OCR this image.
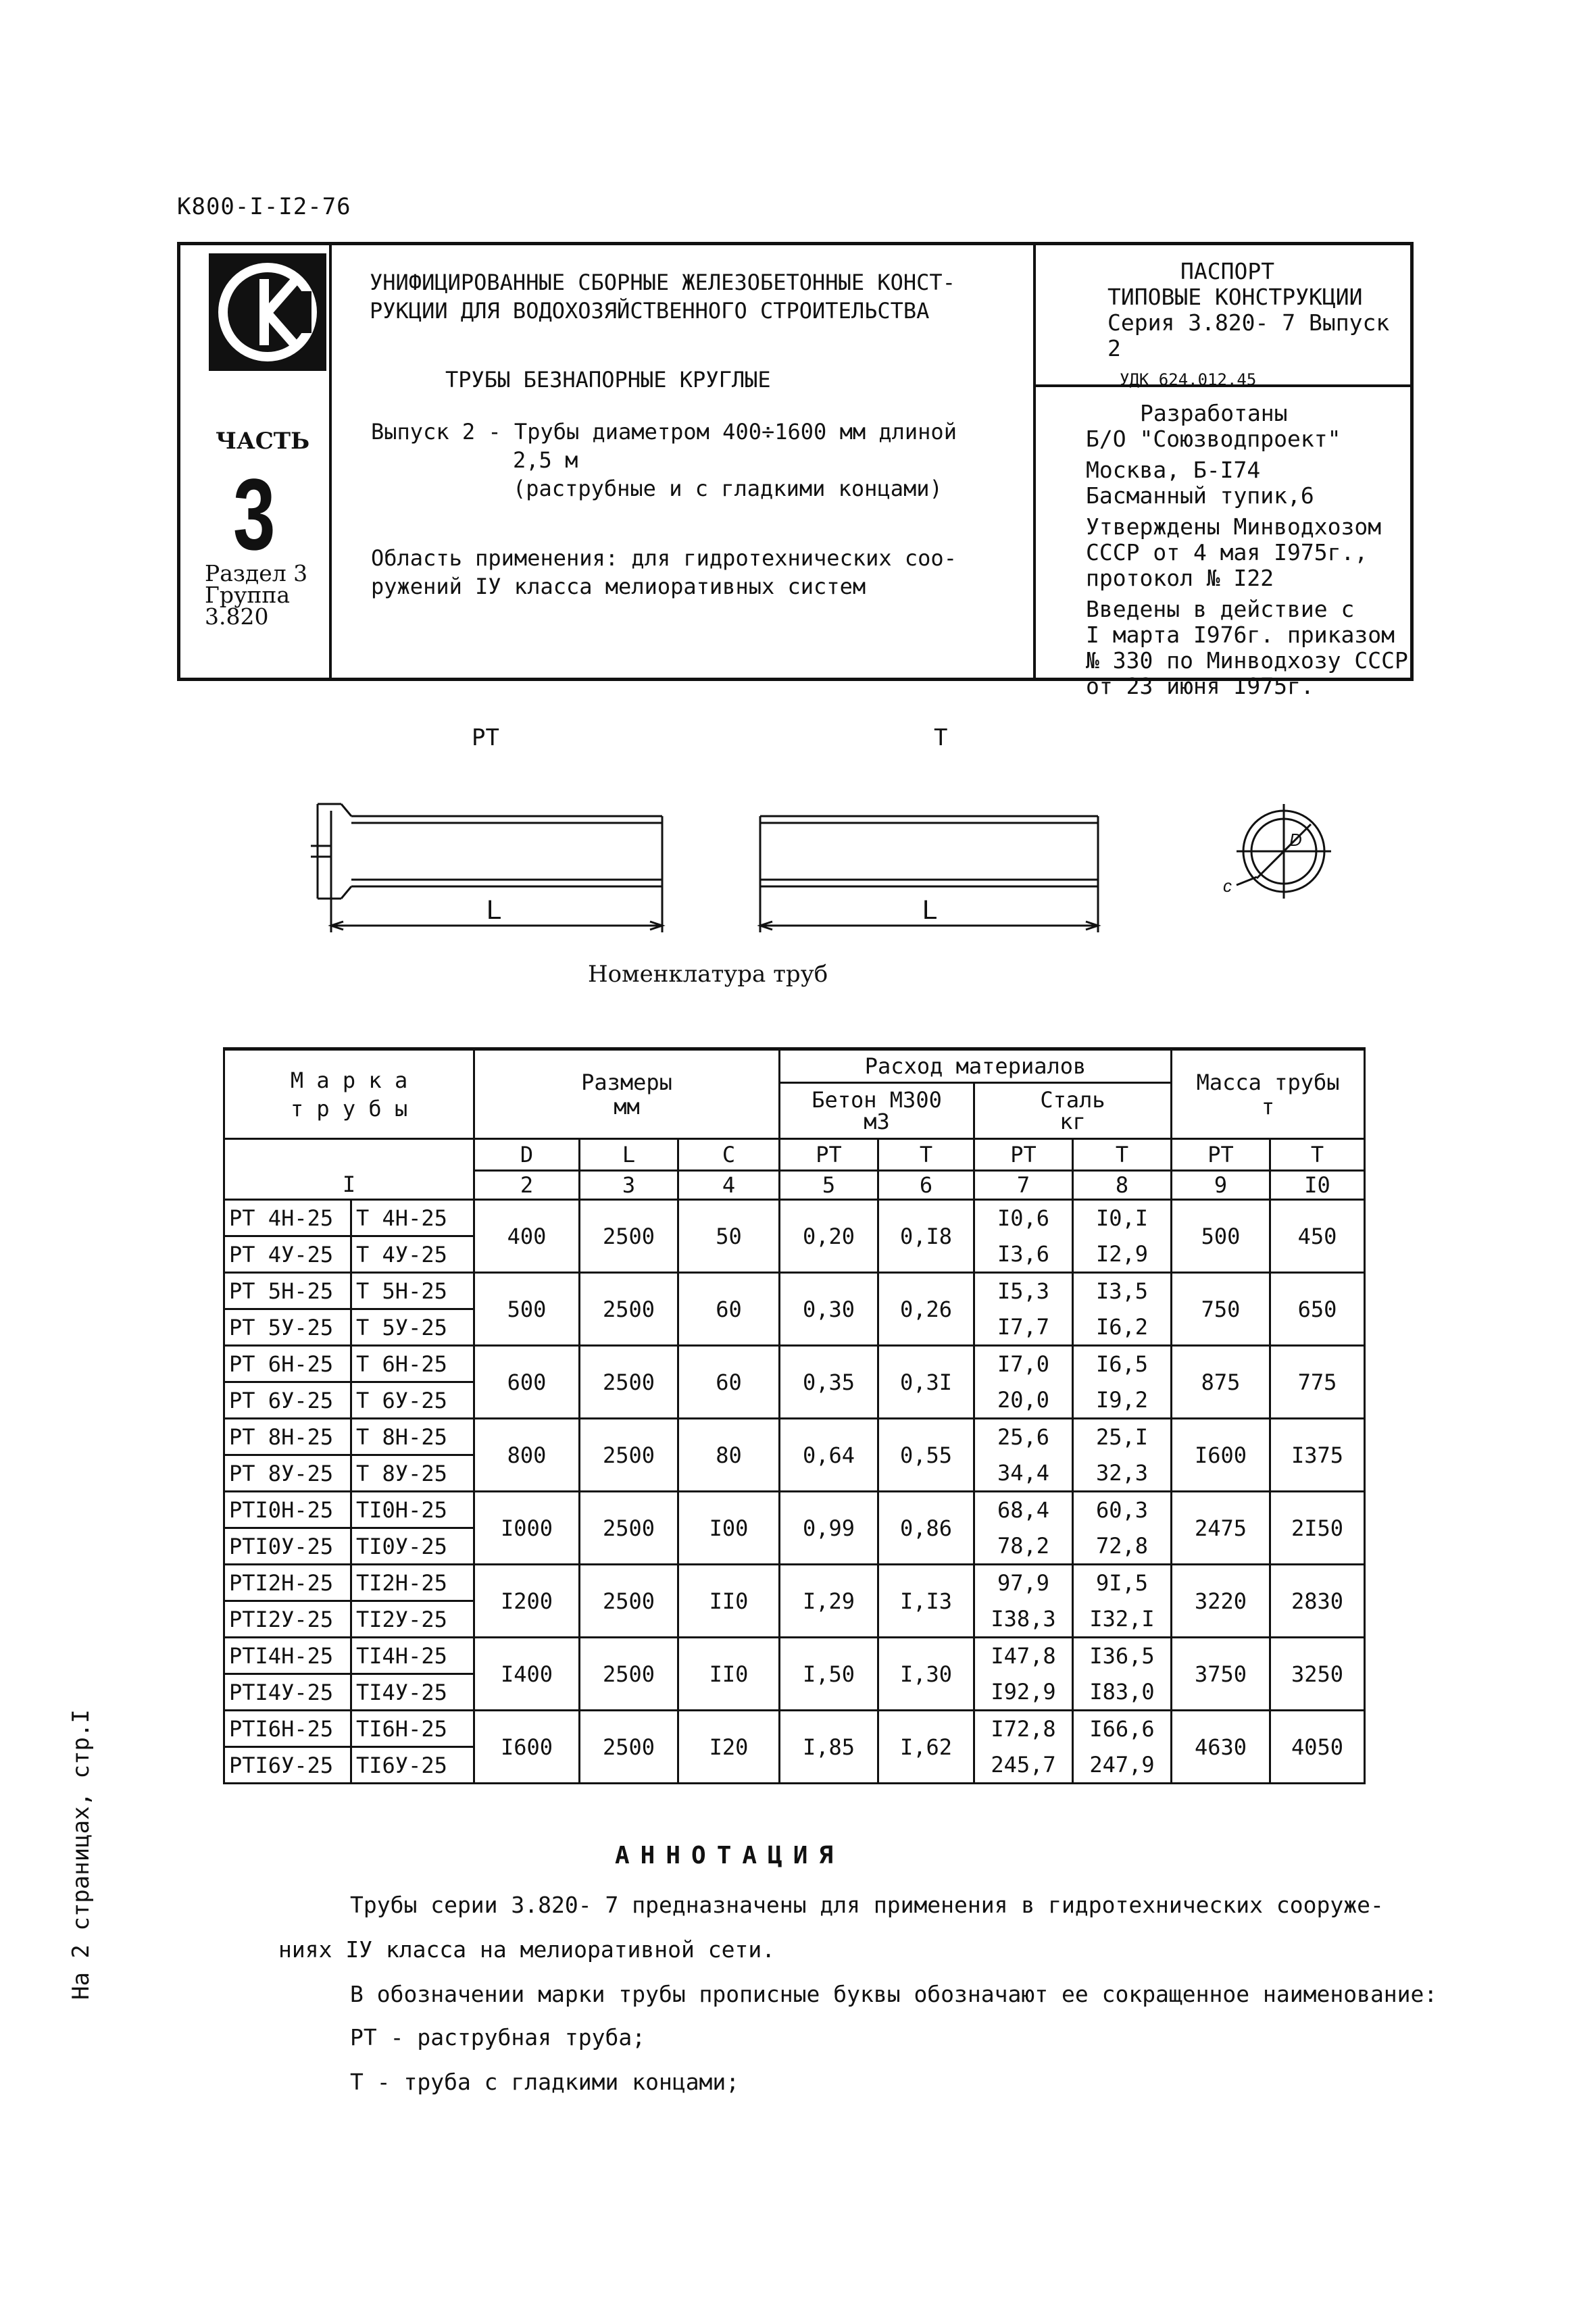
К800-I-I2-76
ЧАСТЬ
3
Раздел 3
Группа
3.820
УНИФИЦИРОВАННЫЕ СБОРНЫЕ ЖЕЛЕЗОБЕТОННЫЕ КОНСТ-
РУКЦИИ ДЛЯ ВОДОХОЗЯЙСТВЕННОГО СТРОИТЕЛЬСТВА
ТРУБЫ БЕЗНАПОРНЫЕ КРУГЛЫЕ
Выпуск 2 - Трубы диаметром 400÷1600 мм длиной
2,5 м
(раструбные и с гладкими концами)
Область применения: для гидротехнических соо-
ружений IУ класса мелиоративных систем
ПАСПОРТ
ТИПОВЫЕ КОНСТРУКЦИИ
Серия 3.820- 7 Выпуск 2
УДК 624.012.45
Разработаны
Б/О "Союзводпроект"
Москва, Б-I74
Басманный тупик,6
Утверждены Минводхозом
СССР от 4 мая I975г.,
протокол № I22
Введены в действие с
I марта I976г. приказом
№ 330 по Минводхозу СССР
от 23 июня I975г.
РТ	Т
L	L
c
D
Номенклатура труб
М а р к а
т р у б ы		Размеры
мм			Расход материалов				Масса трубы
т	
					Бетон М300
м3		Сталь
кг			
		D	L	C	РТ	Т	РТ	Т	РТ	Т
I		2	3	4	5	6	7	8	9	I0
РТ 4Н-25	Т 4Н-25	400	2500	50	0,20	0,I8	I0,6	I0,I	500	450
РТ 4У-25	Т 4У-25						I3,6	I2,9		
РТ 5Н-25	Т 5Н-25	500	2500	60	0,30	0,26	I5,3	I3,5	750	650
РТ 5У-25	Т 5У-25						I7,7	I6,2		
РТ 6Н-25	Т 6Н-25	600	2500	60	0,35	0,3I	I7,0	I6,5	875	775
РТ 6У-25	Т 6У-25						20,0	I9,2		
РТ 8Н-25	Т 8Н-25	800	2500	80	0,64	0,55	25,6	25,I	I600	I375
РТ 8У-25	Т 8У-25						34,4	32,3		
РТI0Н-25	ТI0Н-25	I000	2500	I00	0,99	0,86	68,4	60,3	2475	2I50
РТI0У-25	ТI0У-25						78,2	72,8		
РТI2Н-25	ТI2Н-25	I200	2500	II0	I,29	I,I3	97,9	9I,5	3220	2830
РТI2У-25	ТI2У-25						I38,3	I32,I		
РТI4Н-25	ТI4Н-25	I400	2500	II0	I,50	I,30	I47,8	I36,5	3750	3250
РТI4У-25	ТI4У-25						I92,9	I83,0		
РТI6Н-25	ТI6Н-25	I600	2500	I20	I,85	I,62	I72,8	I66,6	4630	4050
РТI6У-25	ТI6У-25						245,7	247,9		
АННОТАЦИЯ

Трубы серии 3.820- 7 предназначены для применения в гидротехнических сооруже-

ниях IУ класса на мелиоративной сети.

В обозначении марки трубы прописные буквы обозначают ее сокращенное наименование:

РТ - раструбная труба;

Т - труба с гладкими концами;

На 2 страницах, стр.I
